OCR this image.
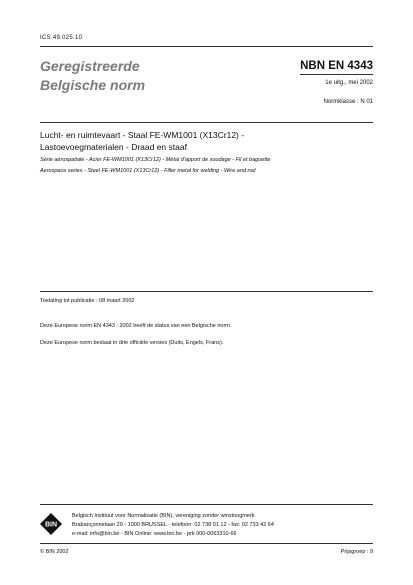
ICS 49.025.10
Geregistreerde
Belgische norm
NBN EN 4343
1e uitg., mei 2002
Normklasse : N 01
Lucht- en ruimtevaart - Staal FE-WM1001 (X13Cr12) -
Lastoevoegmaterialen - Draad en staaf
Série aérospatiale - Acier FE-WM1001 (X13Cr12) - Métal d'apport de soudage - Fil et baguette
Aerospace series - Steel FE-WM1001 (X13Cr12) - Filler metal for welding - Wire and rod
Toelating tot publicatie : 08 maart 2002
Deze Europese norm EN 4343 : 2002 heeft de status van een Belgische norm.
Deze Europese norm bestaat in drie officiële versies (Duits, Engels, Frans).
BIN
Belgisch Instituut voor Normalisatie (BIN), vereniging zonder winstoogmerk
Brabançonnelaan 29 - 1000 BRUSSEL - telefoon: 02 738 01 12 - fax: 02 733 42 64
e-mail: info@bin.be - BIN Online: www.bin.be - prk 000-0063310-66
© BIN 2002	Prijsgroep : 9
